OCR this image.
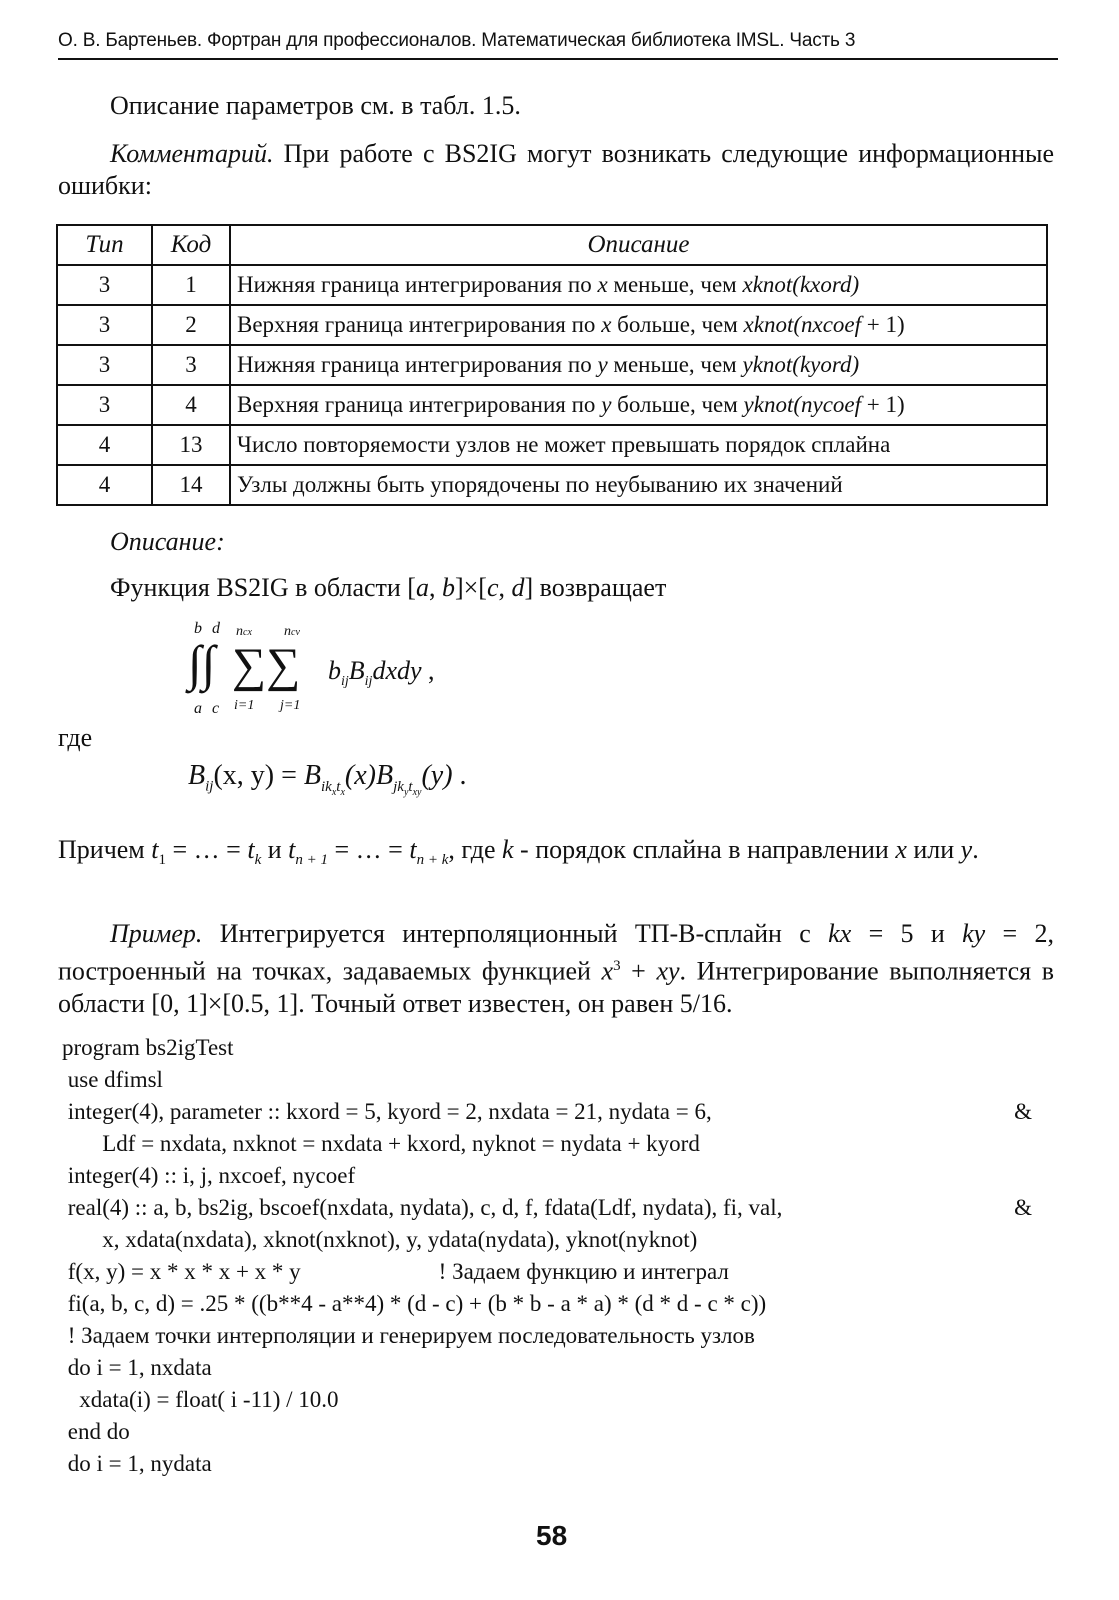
О. В. Бартеньев. Фортран для профессионалов. Математическая библиотека IMSL. Часть 3

Описание параметров см. в табл. 1.5.

Комментарий. При работе с BS2IG могут возникать следующие информационные ошибки:

Тип	Код	Описание
3	1	Нижняя граница интегрирования по x меньше, чем xknot(kxord)
3	2	Верхняя граница интегрирования по x больше, чем xknot(nxcoef + 1)
3	3	Нижняя граница интегрирования по y меньше, чем yknot(kyord)
3	4	Верхняя граница интегрирования по y больше, чем yknot(nycoef + 1)
4	13	Число повторяемости узлов не может превышать порядок сплайна
4	14	Узлы должны быть упорядочены по неубыванию их значений

Описание:

Функция BS2IG в области [a, b]×[c, d] возвращает

b d
∫∫
a c
ncx ncv
∑∑
i=1 j=1
$b_{ij}B_{ij}dxdy$ ,

где

$B_{ij}(x$, $y) = B_{ik_xt_x}(x)B_{jk_yt_{xy}}(y)$ .

Причем $t_1$ = … = $t_k$ и $t_{n + 1}$ = … = $t_{n + k}$, где k - порядок сплайна в направлении x или y.

Пример. Интегрируется интерполяционный ТП-В-сплайн с kx = 5 и ky = 2, построенный на точках, задаваемых функцией $x^3$ + xy. Интегрирование выполняется в области [0, 1]×[0.5, 1]. Точный ответ известен, он равен 5/16.

program bs2igTest
use dfimsl
integer(4), parameter :: kxord = 5, kyord = 2, nxdata = 21, nydata = 6,	&
Ldf = nxdata, nxknot = nxdata + kxord, nyknot = nydata + kyord
integer(4) :: i, j, nxcoef, nycoef
real(4) :: a, b, bs2ig, bscoef(nxdata, nydata), c, d, f, fdata(Ldf, nydata), fi, val,	&
x, xdata(nxdata), xknot(nxknot), y, ydata(nydata), yknot(nyknot)
f(x, y) = x * x * x + x * y                        ! Задаем функцию и интеграл
fi(a, b, c, d) = .25 * ((b**4 - a**4) * (d - c) + (b * b - a * a) * (d * d - c * c))
! Задаем точки интерполяции и генерируем последовательность узлов
do i = 1, nxdata
xdata(i) = float( i -11) / 10.0
end do
do i = 1, nydata
58
